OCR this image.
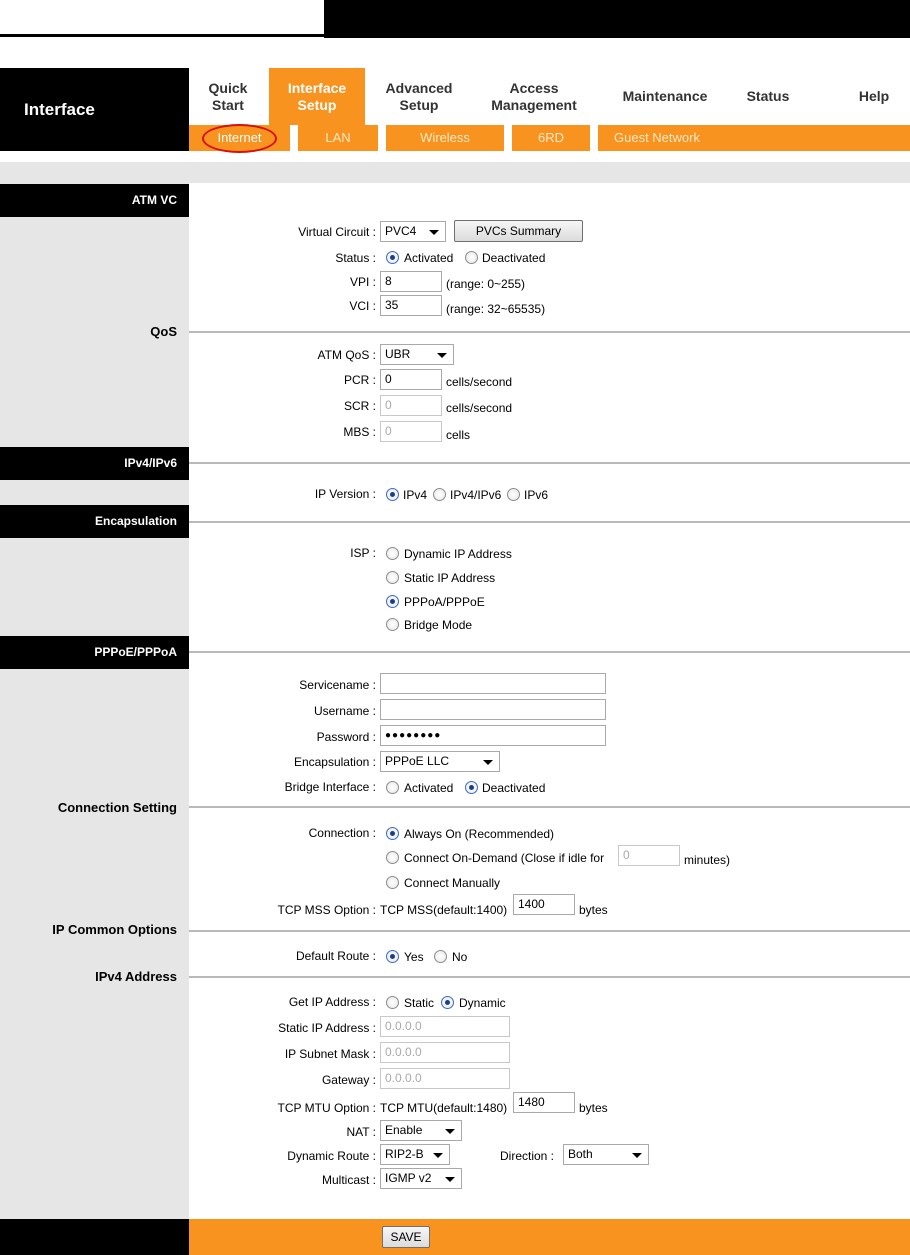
Interface
Quick Start
Interface Setup
Advanced Setup
Access Management
Maintenance	Status	Help
Internet	LAN	Wireless	6RD	Guest Network
ATM VC
QoS
IPv4/IPv6
Encapsulation
PPPoE/PPPoA
Connection Setting
IP Common Options
IPv4 Address
Virtual Circuit : PVC4	PVCs Summary
Status : Activated Deactivated
VPI : 8	(range: 0~255)
VCI : 35	(range: 32~65535)
ATM QoS : UBR
PCR : 0	cells/second
SCR : 0	cells/second
MBS : 0	cells
IP Version : IPv4 IPv4/IPv6 IPv6
ISP : Dynamic IP Address
Static IP Address
PPPoA/PPPoE
Bridge Mode
Servicename :
Username :
Password : ●●●●●●●●
Encapsulation : PPPoE LLC
Bridge Interface : Activated Deactivated
Connection : Always On (Recommended)
Connect On-Demand (Close if idle for	0	minutes)
Connect Manually
TCP MSS Option : TCP MSS(default:1400) 1400	bytes
Default Route : Yes No
Get IP Address : Static Dynamic
Static IP Address : 0.0.0.0
IP Subnet Mask : 0.0.0.0
Gateway : 0.0.0.0
TCP MTU Option : TCP MTU(default:1480) 1480	bytes
NAT : Enable
Dynamic Route : RIP2-B	Direction :	Both
Multicast : IGMP v2
SAVE
